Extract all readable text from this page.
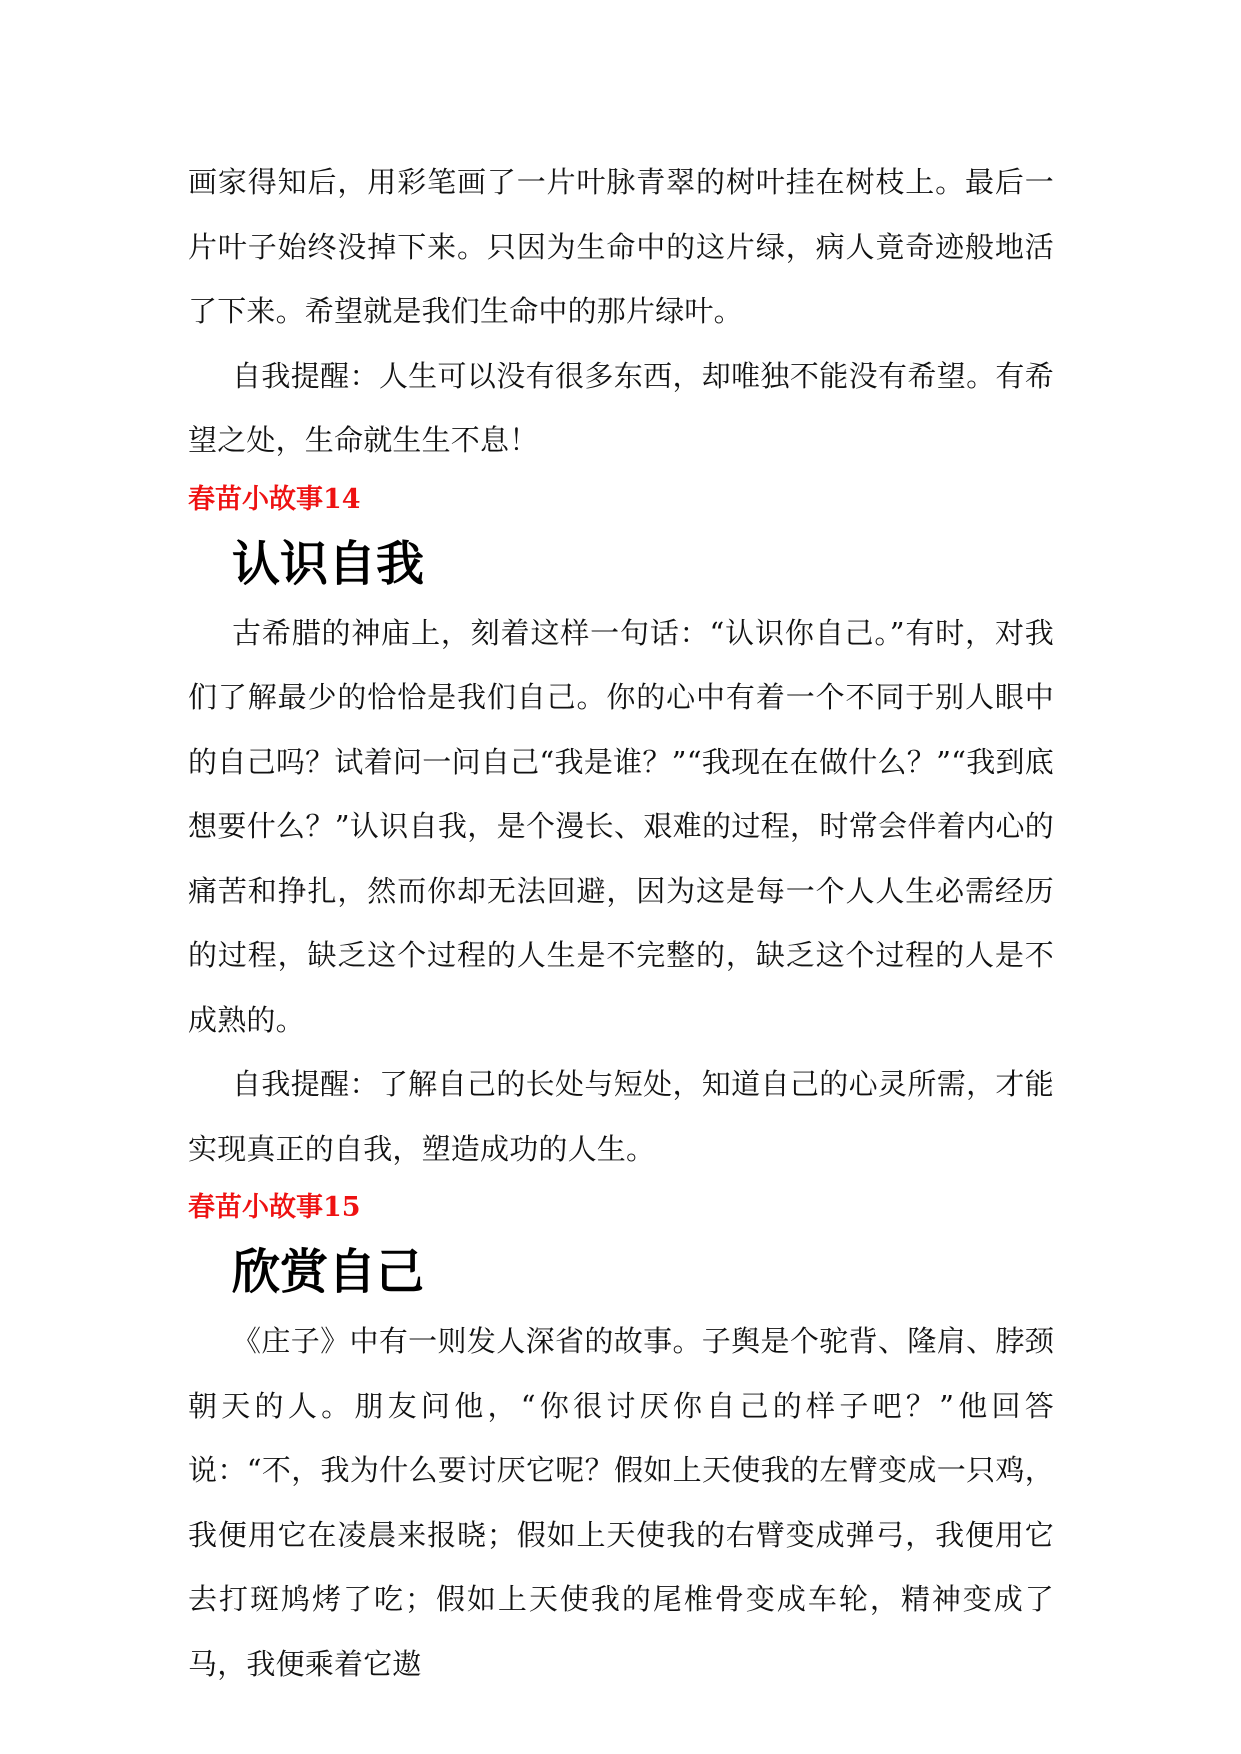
画家得知后，用彩笔画了一片叶脉青翠的树叶挂在树枝上。最后一片叶子始终没掉下来。只因为生命中的这片绿，病人竟奇迹般地活了下来。希望就是我们生命中的那片绿叶。

自我提醒：人生可以没有很多东西，却唯独不能没有希望。有希望之处，生命就生生不息！

春苗小故事14
认识自我

古希腊的神庙上，刻着这样一句话：“认识你自己。”有时，对我们了解最少的恰恰是我们自己。你的心中有着一个不同于别人眼中的自己吗？试着问一问自己“我是谁？”“我现在在做什么？”“我到底想要什么？”认识自我，是个漫长、艰难的过程，时常会伴着内心的痛苦和挣扎，然而你却无法回避，因为这是每一个人人生必需经历的过程，缺乏这个过程的人生是不完整的，缺乏这个过程的人是不成熟的。

自我提醒：了解自己的长处与短处，知道自己的心灵所需，才能实现真正的自我，塑造成功的人生。

春苗小故事15
欣赏自己

《庄子》中有一则发人深省的故事。子舆是个驼背、隆肩、脖颈朝天的人。朋友问他，“你很讨厌你自己的样子吧？”他回答说：“不，我为什么要讨厌它呢？假如上天使我的左臂变成一只鸡，我便用它在凌晨来报晓；假如上天使我的右臂变成弹弓，我便用它去打斑鸠烤了吃；假如上天使我的尾椎骨变成车轮，精神变成了马，我便乘着它遨
